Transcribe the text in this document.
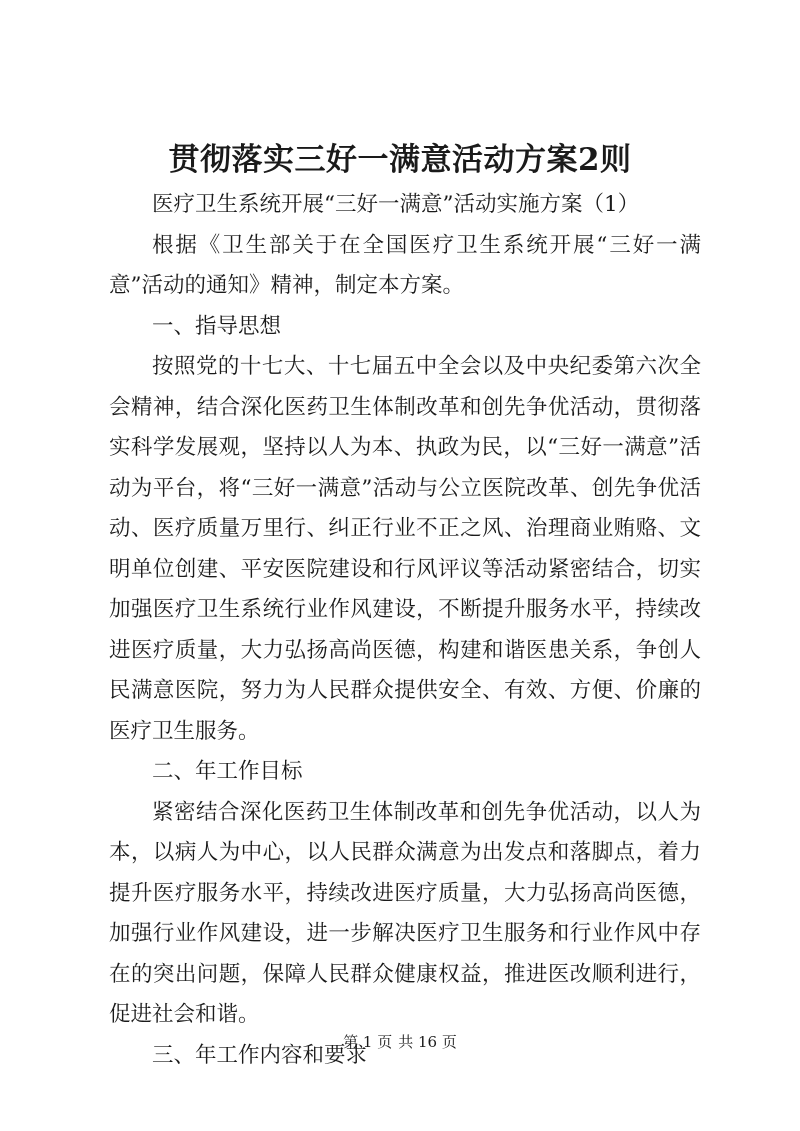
贯彻落实三好一满意活动方案2则

医疗卫生系统开展“三好一满意”活动实施方案（1）

根据《卫生部关于在全国医疗卫生系统开展“三好一满意”活动的通知》精神，制定本方案。

一、指导思想

按照党的十七大、十七届五中全会以及中央纪委第六次全会精神，结合深化医药卫生体制改革和创先争优活动，贯彻落实科学发展观，坚持以人为本、执政为民，以“三好一满意”活动为平台，将“三好一满意”活动与公立医院改革、创先争优活动、医疗质量万里行、纠正行业不正之风、治理商业贿赂、文明单位创建、平安医院建设和行风评议等活动紧密结合，切实加强医疗卫生系统行业作风建设，不断提升服务水平，持续改进医疗质量，大力弘扬高尚医德，构建和谐医患关系，争创人民满意医院，努力为人民群众提供安全、有效、方便、价廉的医疗卫生服务。

二、年工作目标

紧密结合深化医药卫生体制改革和创先争优活动，以人为本，以病人为中心，以人民群众满意为出发点和落脚点，着力提升医疗服务水平，持续改进医疗质量，大力弘扬高尚医德，加强行业作风建设，进一步解决医疗卫生服务和行业作风中存在的突出问题，保障人民群众健康权益，推进医改顺利进行，促进社会和谐。

三、年工作内容和要求

第 1 页 共 16 页
